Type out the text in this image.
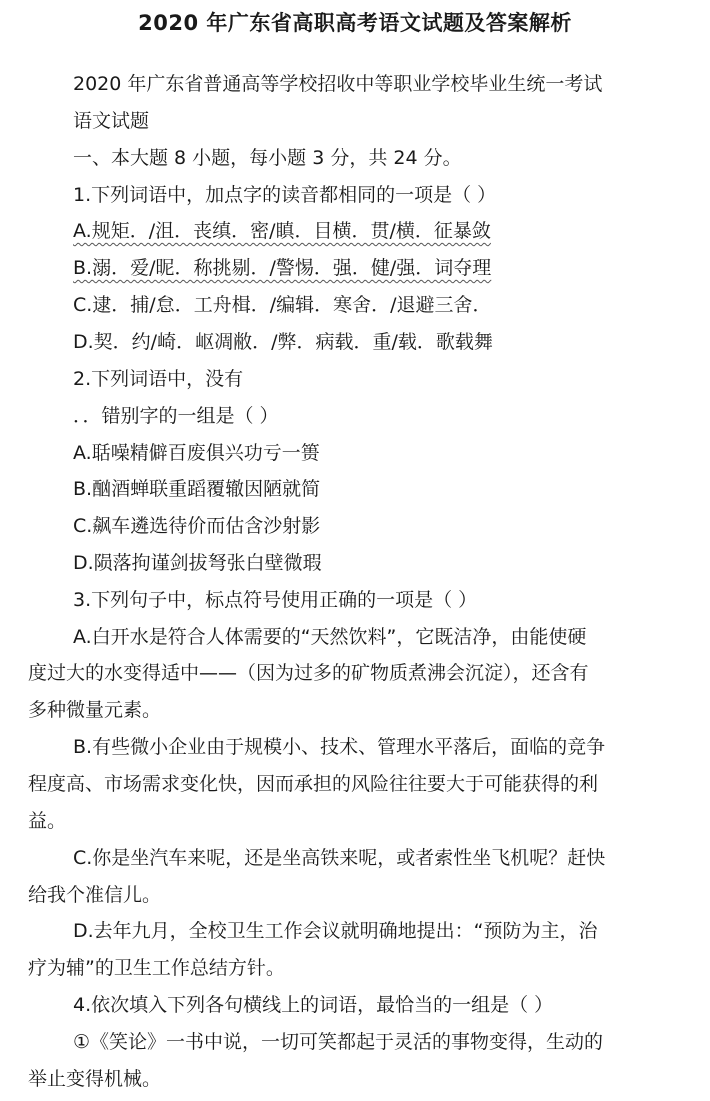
2020 年广东省高职高考语文试题及答案解析
2020 年广东省普通高等学校招收中等职业学校毕业生统一考试
语文试题
一、本大题 8 小题，每小题 3 分，共 24 分。
1.下列词语中，加点字的读音都相同的一项是（ ）
A.规矩．/沮．丧缜．密/瞋．目横．贯/横．征暴敛
B.溺．爱/昵．称挑剔．/警惕．强．健/强．词夺理
C.逮．捕/怠．工舟楫．/编辑．寒舍．/退避三舍．
D.契．约/崎．岖凋敝．/弊．病载．重/载．歌载舞
2.下列词语中，没有
．．错别字的一组是（ ）
A.聒噪精僻百废俱兴功亏一篑
B.酗酒蝉联重蹈覆辙因陋就简
C.飙车遴选待价而估含沙射影
D.陨落拘谨剑拔弩张白壁微瑕
3.下列句子中，标点符号使用正确的一项是（ ）
A.白开水是符合人体需要的“天然饮料”，它既洁净，由能使硬
度过大的水变得适中——（因为过多的矿物质煮沸会沉淀），还含有
多种微量元素。
B.有些微小企业由于规模小、技术、管理水平落后，面临的竞争
程度高、市场需求变化快，因而承担的风险往往要大于可能获得的利
益。
C.你是坐汽车来呢，还是坐高铁来呢，或者索性坐飞机呢？赶快
给我个准信儿。
D.去年九月，全校卫生工作会议就明确地提出：“预防为主，治
疗为辅”的卫生工作总结方针。
4.依次填入下列各句横线上的词语，最恰当的一组是（ ）
①《笑论》一书中说，一切可笑都起于灵活的事物变得，生动的
举止变得机械。
